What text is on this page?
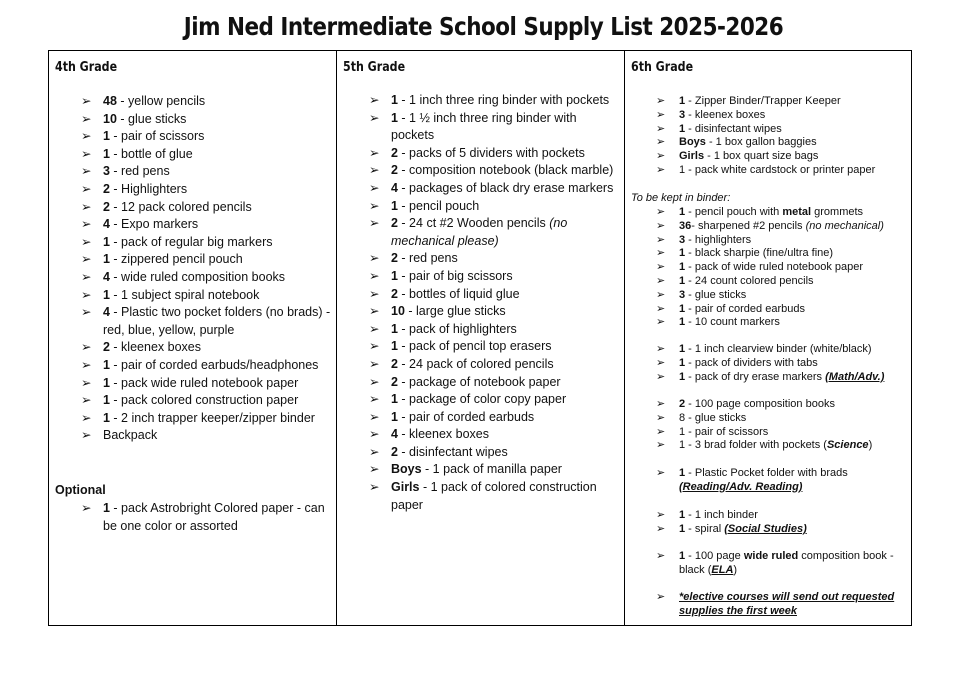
Jim Ned Intermediate School Supply List 2025-2026
4th Grade
➢ 48 - yellow pencils
➢ 10 - glue sticks
➢ 1 - pair of scissors
➢ 1 - bottle of glue
➢ 3 - red pens
➢ 2 - Highlighters
➢ 2 - 12 pack colored pencils
➢ 4 - Expo markers
➢ 1 - pack of regular big markers
➢ 1 - zippered pencil pouch
➢ 4 - wide ruled composition books
➢ 1 - 1 subject spiral notebook
➢ 4 - Plastic two pocket folders (no brads) - red, blue, yellow, purple
➢ 2 - kleenex boxes
➢ 1 - pair of corded earbuds/headphones
➢ 1 - pack wide ruled notebook paper
➢ 1 - pack colored construction paper
➢ 1 - 2 inch trapper keeper/zipper binder
➢ Backpack
Optional
➢ 1 - pack Astrobright Colored paper - can be one color or assorted
5th Grade
➢ 1 - 1 inch three ring binder with pockets
➢ 1 - 1 ½ inch three ring binder with pockets
➢ 2 - packs of 5 dividers with pockets
➢ 2 - composition notebook (black marble)
➢ 4 - packages of black dry erase markers
➢ 1 - pencil pouch
➢ 2 - 24 ct #2 Wooden pencils (no mechanical please)
➢ 2 - red pens
➢ 1 - pair of big scissors
➢ 2 - bottles of liquid glue
➢ 10 - large glue sticks
➢ 1 - pack of highlighters
➢ 1 - pack of pencil top erasers
➢ 2 - 24 pack of colored pencils
➢ 2 - package of notebook paper
➢ 1 - package of color copy paper
➢ 1 - pair of corded earbuds
➢ 4 - kleenex boxes
➢ 2 - disinfectant wipes
➢ Boys - 1 pack of manilla paper
➢ Girls - 1 pack of colored construction paper
6th Grade
➢ 1 - Zipper Binder/Trapper Keeper
➢ 3 - kleenex boxes
➢ 1 - disinfectant wipes
➢ Boys - 1 box gallon baggies
➢ Girls - 1 box quart size bags
➢ 1 - pack white cardstock or printer paper
To be kept in binder:
➢ 1 - pencil pouch with metal grommets
➢ 36- sharpened #2 pencils (no mechanical)
➢ 3 - highlighters
➢ 1 - black sharpie (fine/ultra fine)
➢ 1 - pack of wide ruled notebook paper
➢ 1 - 24 count colored pencils
➢ 3 - glue sticks
➢ 1 - pair of corded earbuds
➢ 1 - 10 count markers
➢ 1 - 1 inch clearview binder (white/black)
➢ 1 - pack of dividers with tabs
➢ 1 - pack of dry erase markers (Math/Adv.)
➢ 2 - 100 page composition books
➢ 8 - glue sticks
➢ 1 - pair of scissors
➢ 1 - 3 brad folder with pockets (Science)
➢ 1 - Plastic Pocket folder with brads (Reading/Adv. Reading)
➢ 1 - 1 inch binder
➢ 1 - spiral (Social Studies)
➢ 1 - 100 page wide ruled composition book - black (ELA)
➢ *elective courses will send out requested supplies the first week
